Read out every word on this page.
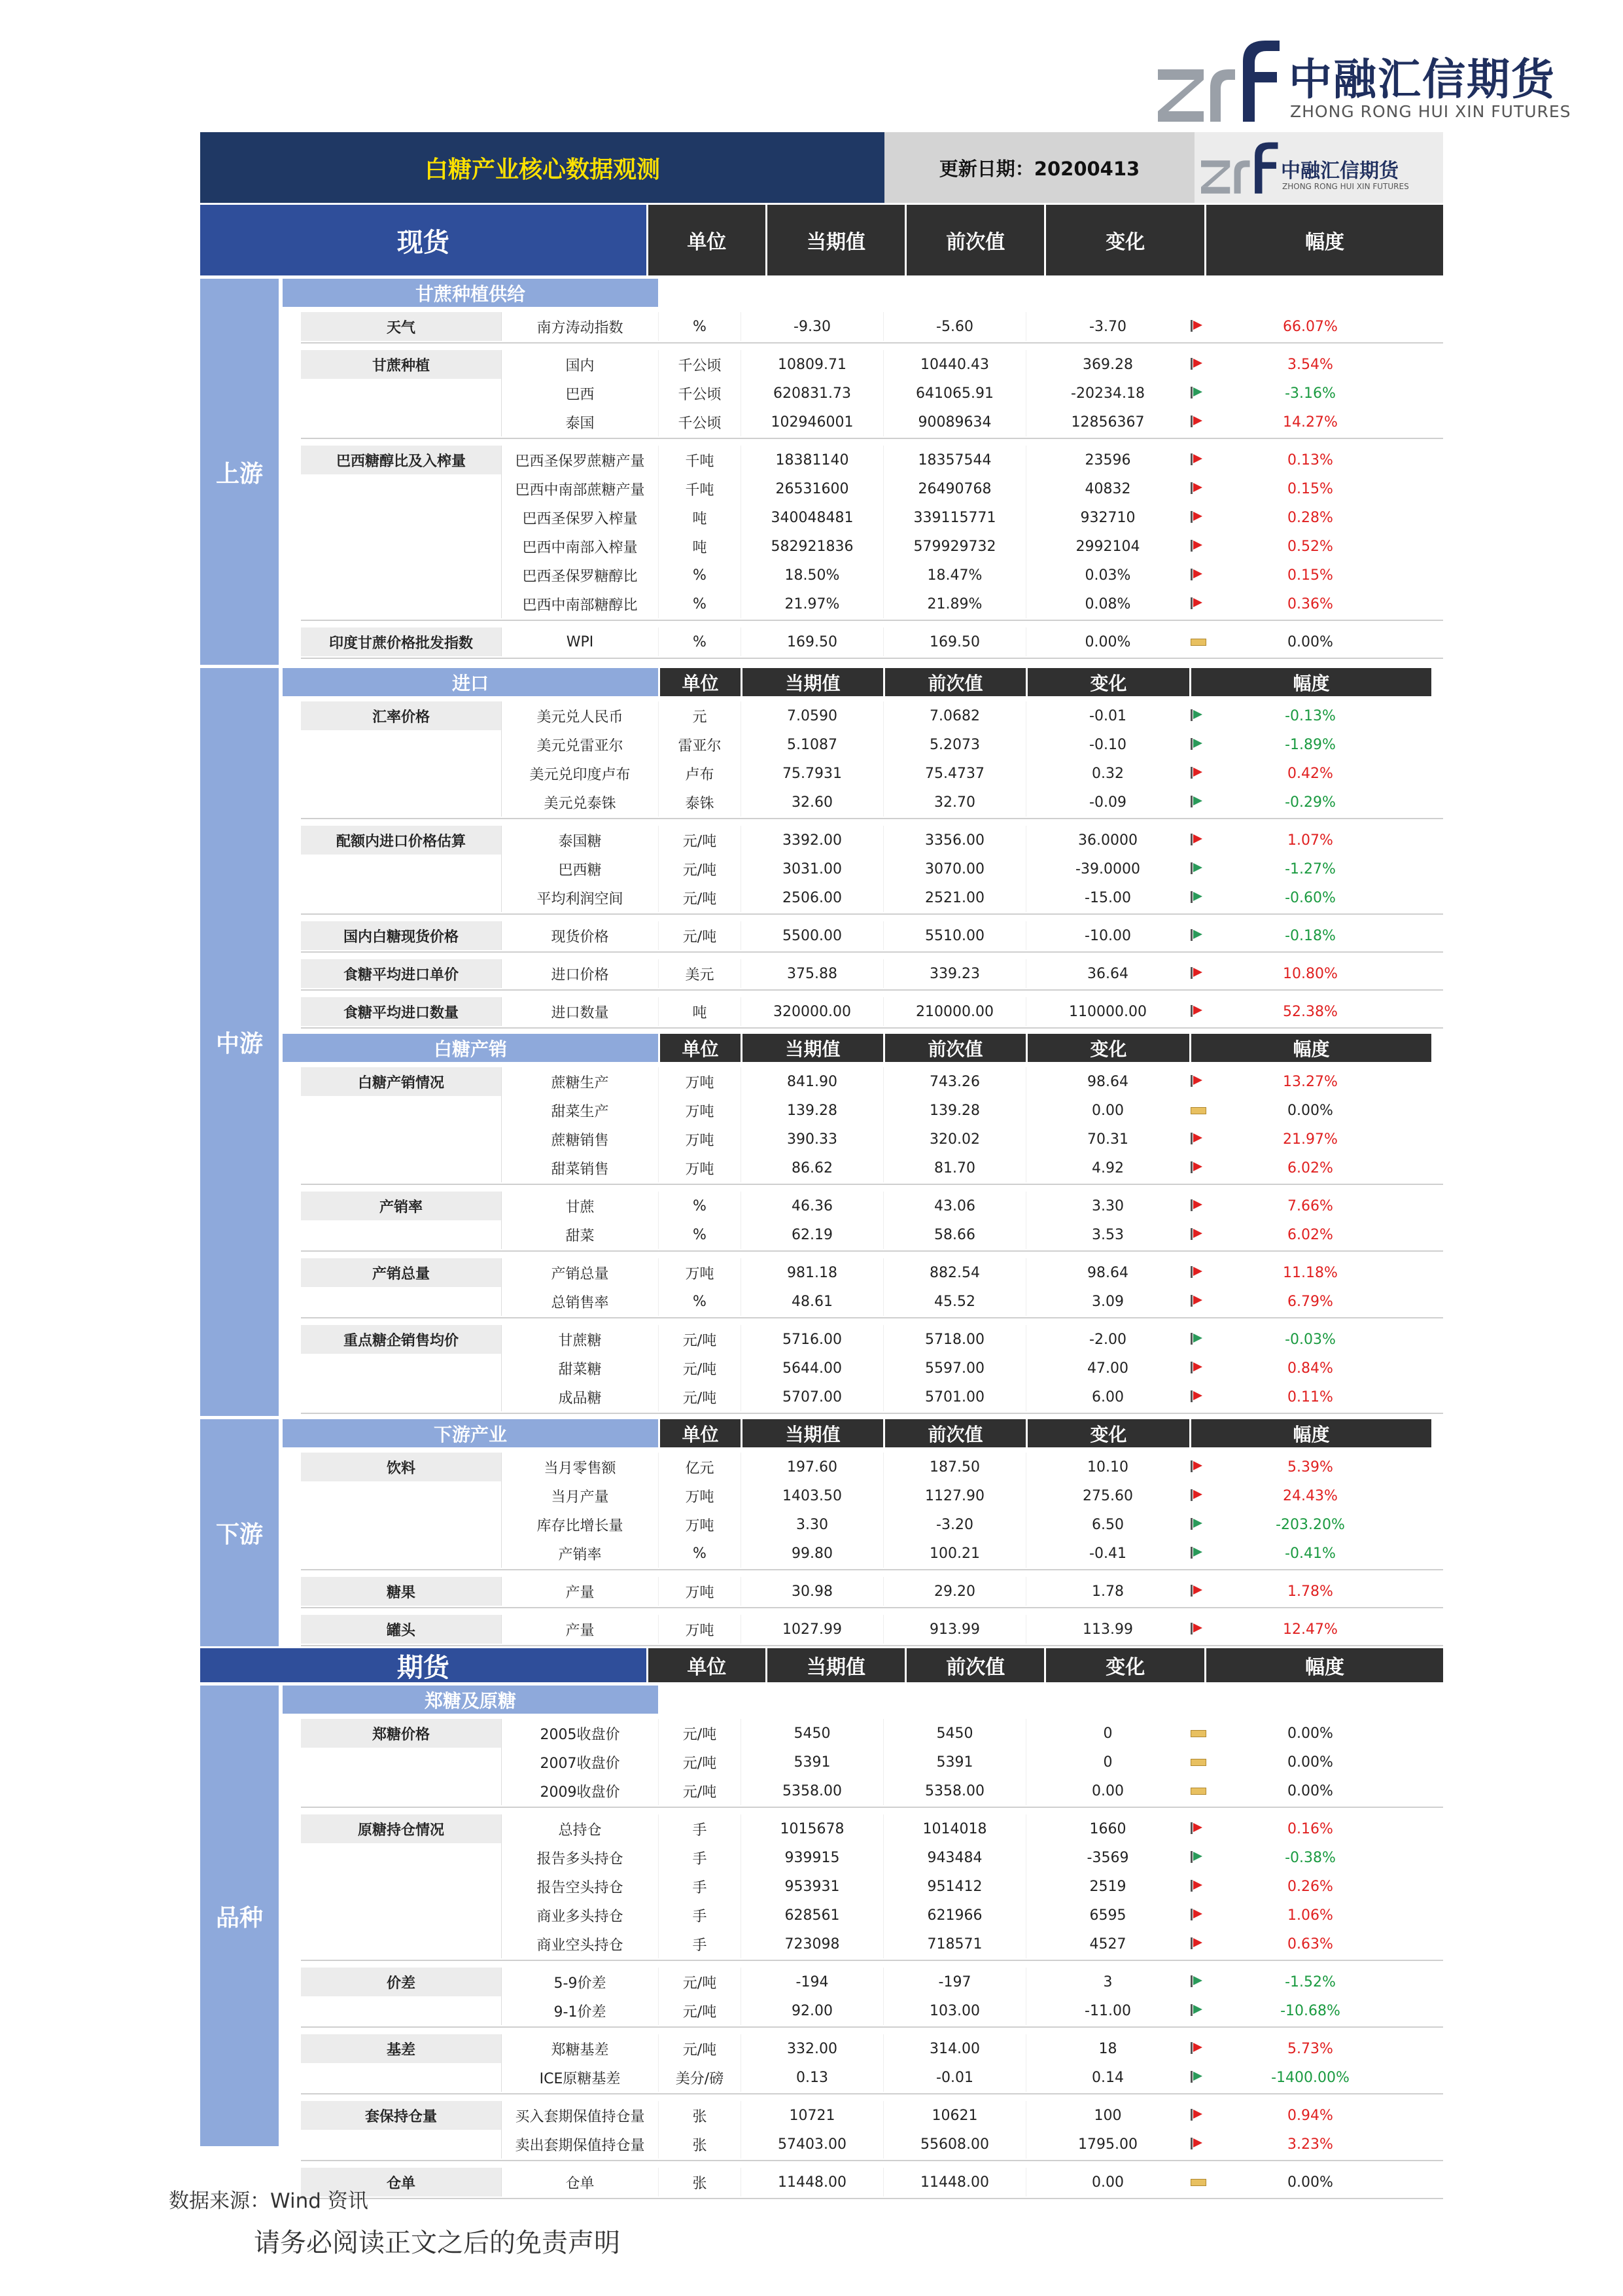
中融汇信期货
ZHONG RONG HUI XIN FUTURES
白糖产业核心数据观测	更新日期：20200413	中融汇信期货
ZHONG RONG HUI XIN FUTURES
现货	单位	当期值	前次值	变化	幅度
上游
甘蔗种植供给
天气	南方涛动指数	%	-9.30	-5.60	-3.70	66.07%
甘蔗种植	国内	千公顷	10809.71	10440.43	369.28	3.54%
巴西	千公顷	620831.73	641065.91	-20234.18	-3.16%
泰国	千公顷	102946001	90089634	12856367	14.27%
巴西糖醇比及入榨量	巴西圣保罗蔗糖产量	千吨	18381140	18357544	23596	0.13%
巴西中南部蔗糖产量	千吨	26531600	26490768	40832	0.15%
巴西圣保罗入榨量	吨	340048481	339115771	932710	0.28%
巴西中南部入榨量	吨	582921836	579929732	2992104	0.52%
巴西圣保罗糖醇比	%	18.50%	18.47%	0.03%	0.15%
巴西中南部糖醇比	%	21.97%	21.89%	0.08%	0.36%
印度甘蔗价格批发指数	WPI	%	169.50	169.50	0.00%	0.00%
中游
进口	单位	当期值	前次值	变化	幅度
汇率价格	美元兑人民币	元	7.0590	7.0682	-0.01	-0.13%
美元兑雷亚尔	雷亚尔	5.1087	5.2073	-0.10	-1.89%
美元兑印度卢布	卢布	75.7931	75.4737	0.32	0.42%
美元兑泰铢	泰铢	32.60	32.70	-0.09	-0.29%
配额内进口价格估算	泰国糖	元/吨	3392.00	3356.00	36.0000	1.07%
巴西糖	元/吨	3031.00	3070.00	-39.0000	-1.27%
平均利润空间	元/吨	2506.00	2521.00	-15.00	-0.60%
国内白糖现货价格	现货价格	元/吨	5500.00	5510.00	-10.00	-0.18%
食糖平均进口单价	进口价格	美元	375.88	339.23	36.64	10.80%
食糖平均进口数量	进口数量	吨	320000.00	210000.00	110000.00	52.38%
白糖产销	单位	当期值	前次值	变化	幅度
白糖产销情况	蔗糖生产	万吨	841.90	743.26	98.64	13.27%
甜菜生产	万吨	139.28	139.28	0.00	0.00%
蔗糖销售	万吨	390.33	320.02	70.31	21.97%
甜菜销售	万吨	86.62	81.70	4.92	6.02%
产销率	甘蔗	%	46.36	43.06	3.30	7.66%
甜菜	%	62.19	58.66	3.53	6.02%
产销总量	产销总量	万吨	981.18	882.54	98.64	11.18%
总销售率	%	48.61	45.52	3.09	6.79%
重点糖企销售均价	甘蔗糖	元/吨	5716.00	5718.00	-2.00	-0.03%
甜菜糖	元/吨	5644.00	5597.00	47.00	0.84%
成品糖	元/吨	5707.00	5701.00	6.00	0.11%
下游
下游产业	单位	当期值	前次值	变化	幅度
饮料	当月零售额	亿元	197.60	187.50	10.10	5.39%
当月产量	万吨	1403.50	1127.90	275.60	24.43%
库存比增长量	万吨	3.30	-3.20	6.50	-203.20%
产销率	%	99.80	100.21	-0.41	-0.41%
糖果	产量	万吨	30.98	29.20	1.78	1.78%
罐头	产量	万吨	1027.99	913.99	113.99	12.47%
期货	单位	当期值	前次值	变化	幅度
品种
郑糖及原糖
郑糖价格	2005收盘价	元/吨	5450	5450	0	0.00%
2007收盘价	元/吨	5391	5391	0	0.00%
2009收盘价	元/吨	5358.00	5358.00	0.00	0.00%
原糖持仓情况	总持仓	手	1015678	1014018	1660	0.16%
报告多头持仓	手	939915	943484	-3569	-0.38%
报告空头持仓	手	953931	951412	2519	0.26%
商业多头持仓	手	628561	621966	6595	1.06%
商业空头持仓	手	723098	718571	4527	0.63%
价差	5-9价差	元/吨	-194	-197	3	-1.52%
9-1价差	元/吨	92.00	103.00	-11.00	-10.68%
基差	郑糖基差	元/吨	332.00	314.00	18	5.73%
ICE原糖基差	美分/磅	0.13	-0.01	0.14	-1400.00%
套保持仓量	买入套期保值持仓量	张	10721	10621	100	0.94%
卖出套期保值持仓量	张	57403.00	55608.00	1795.00	3.23%
仓单	仓单	张	11448.00	11448.00	0.00	0.00%
数据来源：Wind 资讯
请务必阅读正文之后的免责声明
